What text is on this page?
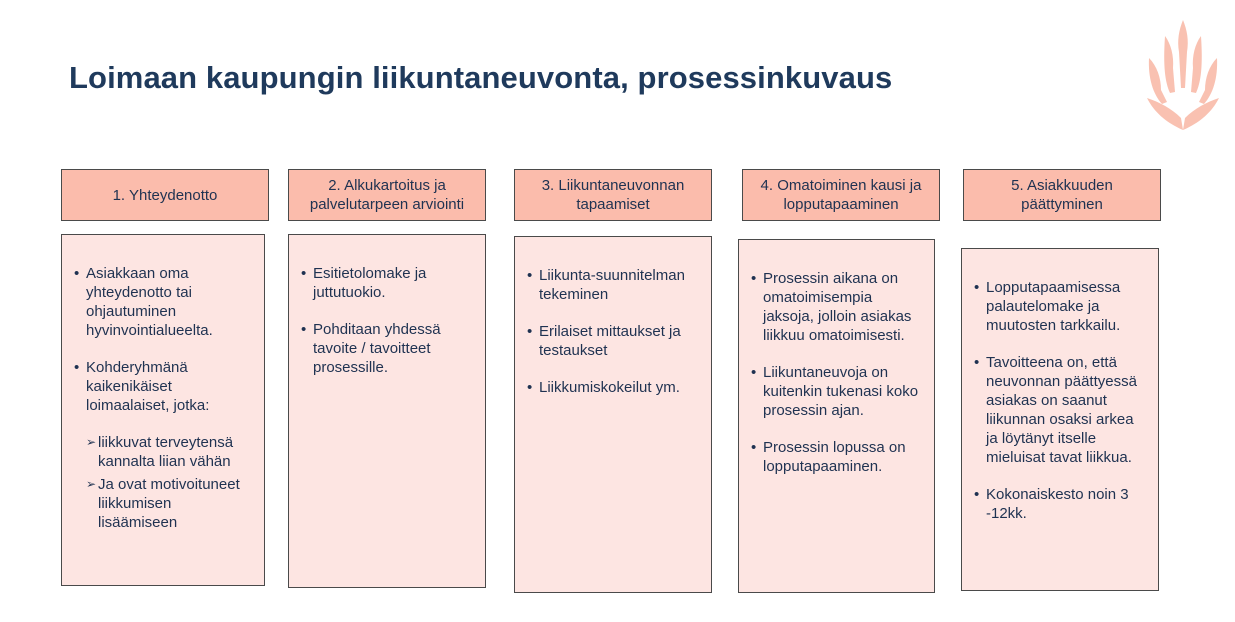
Loimaan kaupungin liikuntaneuvonta, prosessinkuvaus
1. Yhteydenotto
• Asiakkaan oma yhteydenotto tai ohjautuminen hyvinvointialueelta.
• Kohderyhmänä kaikenikäiset loimaalaiset, jotka:
➢ liikkuvat terveytensä kannalta liian vähän
➢ Ja ovat motivoituneet liikkumisen lisäämiseen
2. Alkukartoitus ja palvelutarpeen arviointi
• Esitietolomake ja juttutuokio.
• Pohditaan yhdessä tavoite / tavoitteet prosessille.
3. Liikuntaneuvonnan tapaamiset
• Liikunta-suunnitelman tekeminen
• Erilaiset mittaukset ja testaukset
• Liikkumiskokeilut ym.
4. Omatoiminen kausi ja lopputapaaminen
• Prosessin aikana on omatoimisempia jaksoja, jolloin asiakas liikkuu omatoimisesti.
• Liikuntaneuvoja on kuitenkin tukenasi koko prosessin ajan.
• Prosessin lopussa on lopputapaaminen.
5. Asiakkuuden päättyminen
• Lopputapaamisessa palautelomake ja muutosten tarkkailu.
• Tavoitteena on, että neuvonnan päättyessä asiakas on saanut liikunnan osaksi arkea ja löytänyt itselle mieluisat tavat liikkua.
• Kokonaiskesto noin 3 -12kk.
